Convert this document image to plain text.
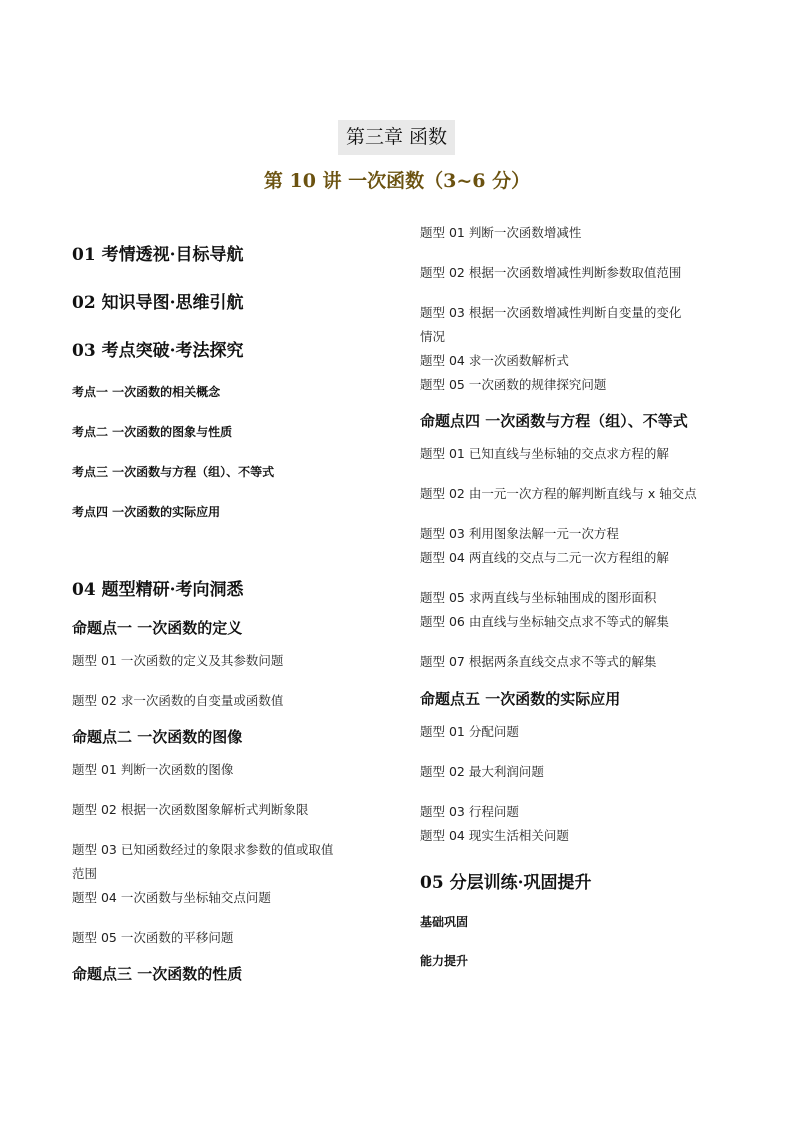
第三章 函数
第 10 讲 一次函数（3~6 分）
01 考情透视·目标导航
02 知识导图·思维引航
03 考点突破·考法探究
考点一 一次函数的相关概念
考点二 一次函数的图象与性质
考点三 一次函数与方程（组）、不等式
考点四 一次函数的实际应用
04 题型精研·考向洞悉
命题点一 一次函数的定义
题型 01 一次函数的定义及其参数问题
题型 02 求一次函数的自变量或函数值
命题点二 一次函数的图像
题型 01 判断一次函数的图像
题型 02 根据一次函数图象解析式判断象限
题型 03 已知函数经过的象限求参数的值或取值
范围
题型 04 一次函数与坐标轴交点问题
题型 05 一次函数的平移问题
命题点三 一次函数的性质
题型 01 判断一次函数增减性
题型 02 根据一次函数增减性判断参数取值范围
题型 03 根据一次函数增减性判断自变量的变化
情况
题型 04 求一次函数解析式
题型 05 一次函数的规律探究问题
命题点四 一次函数与方程（组）、不等式
题型 01 已知直线与坐标轴的交点求方程的解
题型 02 由一元一次方程的解判断直线与 x 轴交点
题型 03 利用图象法解一元一次方程
题型 04 两直线的交点与二元一次方程组的解
题型 05 求两直线与坐标轴围成的图形面积
题型 06 由直线与坐标轴交点求不等式的解集
题型 07 根据两条直线交点求不等式的解集
命题点五 一次函数的实际应用
题型 01 分配问题
题型 02 最大利润问题
题型 03 行程问题
题型 04 现实生活相关问题
05 分层训练·巩固提升
基础巩固
能力提升
